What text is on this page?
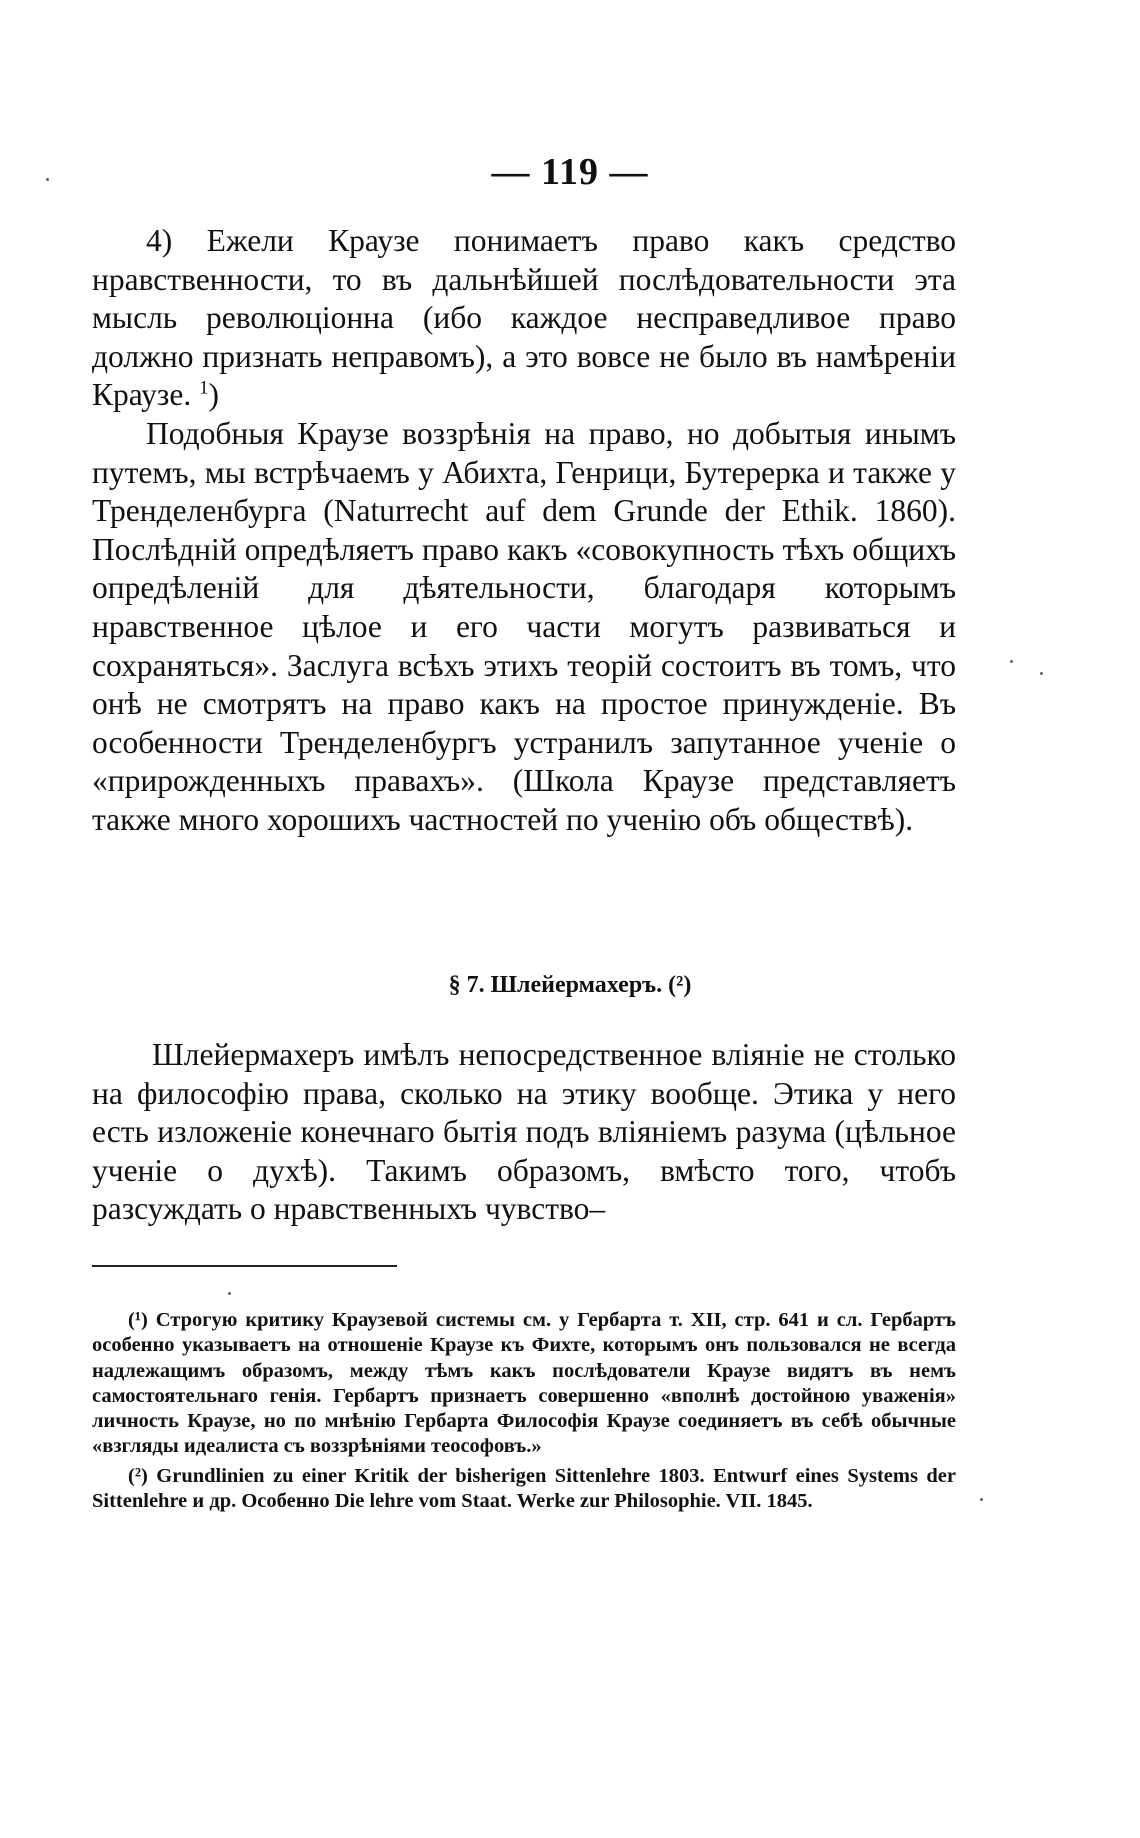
— 119 —

4) Ежели Краузе понимаетъ право какъ средство нравственности, то въ дальнѣйшей послѣдовательности эта мысль революціонна (ибо каждое несправедливое право должно признать неправомъ), а это вовсе не было въ намѣреніи Краузе. $^1$)

Подобныя Краузе воззрѣнія на право, но добытыя инымъ путемъ, мы встрѣчаемъ у Абихта, Генрици, Бутерерка и также у Тренделенбурга (Naturrecht auf dem Grunde der Ethik. 1860). Послѣдній опредѣляетъ право какъ «совокупность тѣхъ общихъ опредѣленій для дѣятельности, благодаря которымъ нравственное цѣлое и его части могутъ развиваться и сохраняться». Заслуга всѣхъ этихъ теорій состоитъ въ томъ, что онѣ не смотрятъ на право какъ на простое принужденіе. Въ особенности Тренделенбургъ устранилъ запутанное ученіе о «прирожденныхъ правахъ». (Школа Краузе представляетъ также много хорошихъ частностей по ученію объ обществѣ).

§ 7. Шлейермахеръ. (²)

Шлейермахеръ имѣлъ непосредственное вліяніе не столько на философію права, сколько на этику вообще. Этика у него есть изложеніе конечнаго бытія подъ вліяніемъ разума (цѣльное ученіе о духѣ). Такимъ образомъ, вмѣсто того, чтобъ разсуждать о нравственныхъ чувство–

(¹) Строгую критику Краузевой системы см. у Гербарта т. XII, стр. 641 и сл. Гербартъ особенно указываетъ на отношеніе Краузе къ Фихте, которымъ онъ пользовался не всегда надлежащимъ образомъ, между тѣмъ какъ послѣдователи Краузе видятъ въ немъ самостоятельнаго генія. Гербартъ признаетъ совершенно «вполнѣ достойною уваженія» личность Краузе, но по мнѣнію Гербарта Философія Краузе соединяетъ въ себѣ обычные «взгляды идеалиста съ воззрѣніями теософовъ.»

(²) Grundlinien zu einer Kritik der bisherigen Sittenlehre 1803. Entwurf eines Systems der Sittenlehre и др. Особенно Die lehre vom Staat. Werke zur Philosophie. VII. 1845.
